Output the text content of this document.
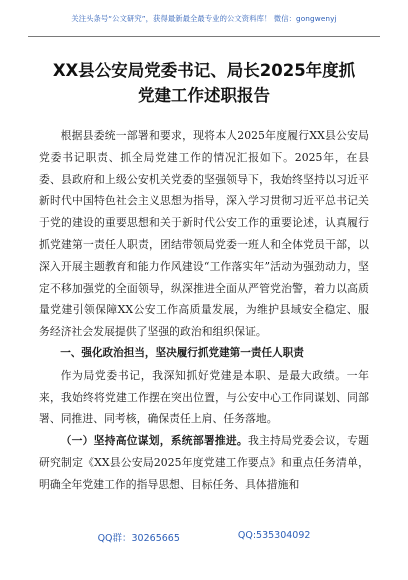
关注头条号“公文研究”，获得最新最全最专业的公文资料库！ 微信：gongwenyj
XX县公安局党委书记、局长2025年度抓
党建工作述职报告

根据县委统一部署和要求，现将本人2025年度履行XX县公安局党委书记职责、抓全局党建工作的情况汇报如下。2025年，在县委、县政府和上级公安机关党委的坚强领导下，我始终坚持以习近平新时代中国特色社会主义思想为指导，深入学习贯彻习近平总书记关于党的建设的重要思想和关于新时代公安工作的重要论述，认真履行抓党建第一责任人职责，团结带领局党委一班人和全体党员干部，以深入开展主题教育和能力作风建设“工作落实年”活动为强劲动力，坚定不移加强党的全面领导，纵深推进全面从严管党治警，着力以高质量党建引领保障XX公安工作高质量发展，为维护县域安全稳定、服务经济社会发展提供了坚强的政治和组织保证。

一、强化政治担当，坚决履行抓党建第一责任人职责

作为局党委书记，我深知抓好党建是本职、是最大政绩。一年来，我始终将党建工作摆在突出位置，与公安中心工作同谋划、同部署、同推进、同考核，确保责任上肩、任务落地。

（一）坚持高位谋划，系统部署推进。我主持局党委会议，专题研究制定《XX县公安局2025年度党建工作要点》和重点任务清单，明确全年党建工作的指导思想、目标任务、具体措施和

QQ群：30265665	QQ:535304092
